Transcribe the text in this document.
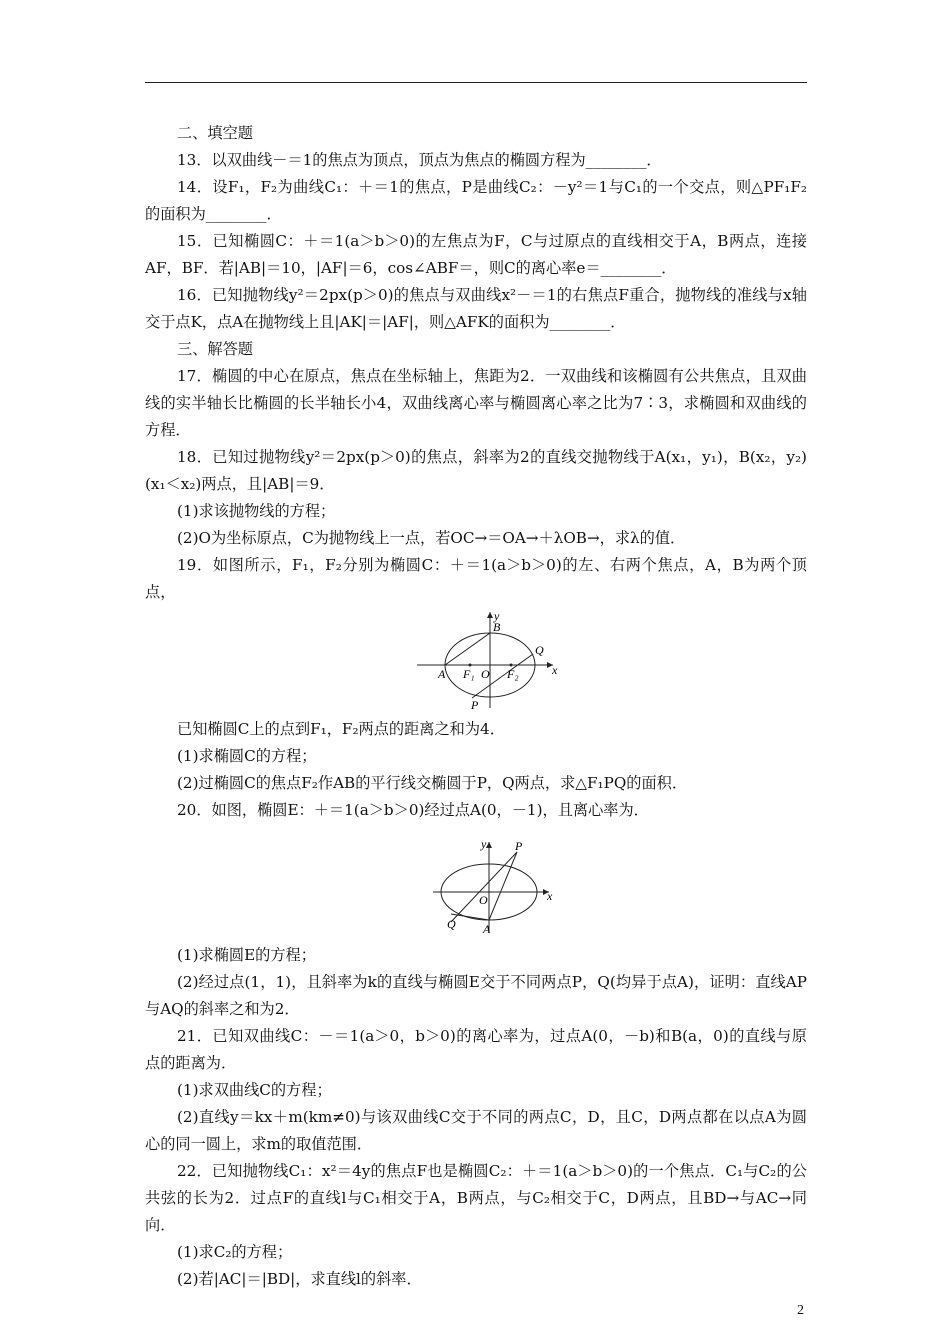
二、填空题

13．以双曲线－＝1的焦点为顶点，顶点为焦点的椭圆方程为________．

14．设F₁，F₂为曲线C₁：＋＝1的焦点，P是曲线C₂：－y²＝1与C₁的一个交点，则△PF₁F₂的面积为________．

15．已知椭圆C：＋＝1(a＞b＞0)的左焦点为F，C与过原点的直线相交于A，B两点，连接AF，BF．若|AB|＝10，|AF|＝6，cos∠ABF＝，则C的离心率e＝________．

16．已知抛物线y²＝2px(p＞0)的焦点与双曲线x²－＝1的右焦点F重合，抛物线的准线与x轴交于点K，点A在抛物线上且|AK|＝|AF|，则△AFK的面积为________．

三、解答题

17．椭圆的中心在原点，焦点在坐标轴上，焦距为2．一双曲线和该椭圆有公共焦点，且双曲线的实半轴长比椭圆的长半轴长小4，双曲线离心率与椭圆离心率之比为7∶3，求椭圆和双曲线的方程．

18．已知过抛物线y²＝2px(p＞0)的焦点，斜率为2的直线交抛物线于A(x₁，y₁)，B(x₂，y₂)(x₁＜x₂)两点，且|AB|＝9．

(1)求该抛物线的方程；

(2)O为坐标原点，C为抛物线上一点，若OC→＝OA→＋λOB→，求λ的值．

19．如图所示，F₁，F₂分别为椭圆C：＋＝1(a＞b＞0)的左、右两个焦点，A，B为两个顶点，

y
x
B
Q
A F₁ O F₂
P

已知椭圆C上的点到F₁，F₂两点的距离之和为4．

(1)求椭圆C的方程；

(2)过椭圆C的焦点F₂作AB的平行线交椭圆于P，Q两点，求△F₁PQ的面积．

20．如图，椭圆E：＋＝1(a＞b＞0)经过点A(0，－1)，且离心率为．

y
x
P
O
Q A

(1)求椭圆E的方程；

(2)经过点(1，1)，且斜率为k的直线与椭圆E交于不同两点P，Q(均异于点A)，证明：直线AP与AQ的斜率之和为2．

21．已知双曲线C：－＝1(a＞0，b＞0)的离心率为，过点A(0，－b)和B(a，0)的直线与原点的距离为．

(1)求双曲线C的方程；

(2)直线y＝kx＋m(km≠0)与该双曲线C交于不同的两点C，D，且C，D两点都在以点A为圆心的同一圆上，求m的取值范围．

22．已知抛物线C₁：x²＝4y的焦点F也是椭圆C₂：＋＝1(a＞b＞0)的一个焦点．C₁与C₂的公共弦的长为2．过点F的直线l与C₁相交于A，B两点，与C₂相交于C，D两点，且BD→与AC→同向．

(1)求C₂的方程；

(2)若|AC|＝|BD|，求直线l的斜率．

2
